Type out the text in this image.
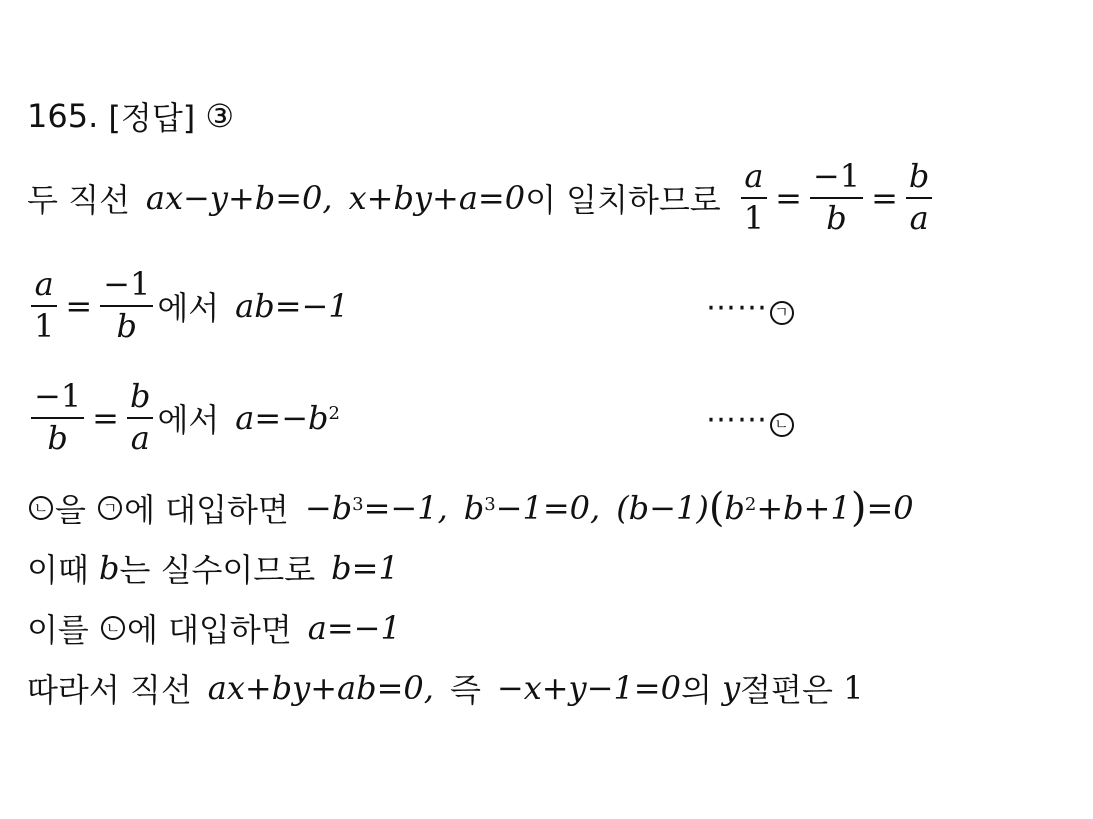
165.
[정답]
③
두 직선 ax−y+b=0, x+by+a=0 이 일치하므로 $\frac{a}{1} = \frac{-1}{b} = \frac{b}{a}$
$\frac{a}{1} = \frac{-1}{b}$ 에서 ab=−1	⋯⋯ ㄱ
$\frac{-1}{b} = \frac{b}{a}$ 에서 $a=-b^2$	⋯⋯ ㄴ
ㄴ 을
	ㄱ 에 대입하면 $-b^3 =-1$, $b^3 -1=0$, (b−1) ( $b^2 +b+1$ ) =0
이때
b 는 실수이므로 b=1
이를
	ㄴ 에 대입하면 a=−1
따라서 직선 ax+by+ab=0, 즉 −x+y−1=0 의
y 절편은
1
